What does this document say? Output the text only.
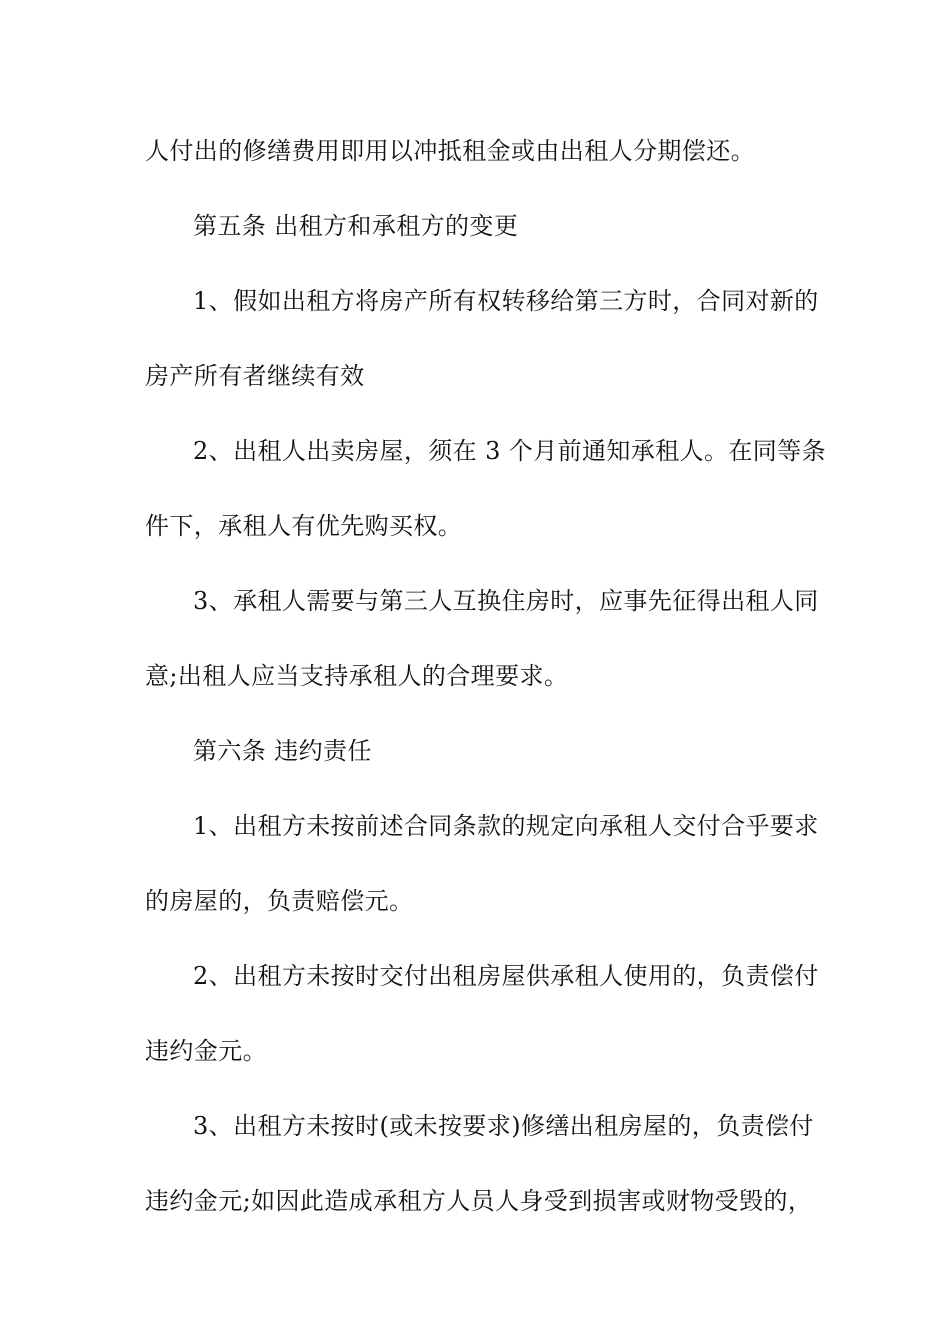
人付出的修缮费用即用以冲抵租金或由出租人分期偿还。
第五条 出租方和承租方的变更
1、假如出租方将房产所有权转移给第三方时，合同对新的
房产所有者继续有效
2、出租人出卖房屋，须在 3 个月前通知承租人。在同等条
件下，承租人有优先购买权。
3、承租人需要与第三人互换住房时，应事先征得出租人同
意;出租人应当支持承租人的合理要求。
第六条 违约责任
1、出租方未按前述合同条款的规定向承租人交付合乎要求
的房屋的，负责赔偿元。
2、出租方未按时交付出租房屋供承租人使用的，负责偿付
违约金元。
3、出租方未按时(或未按要求)修缮出租房屋的，负责偿付
违约金元;如因此造成承租方人员人身受到损害或财物受毁的，
